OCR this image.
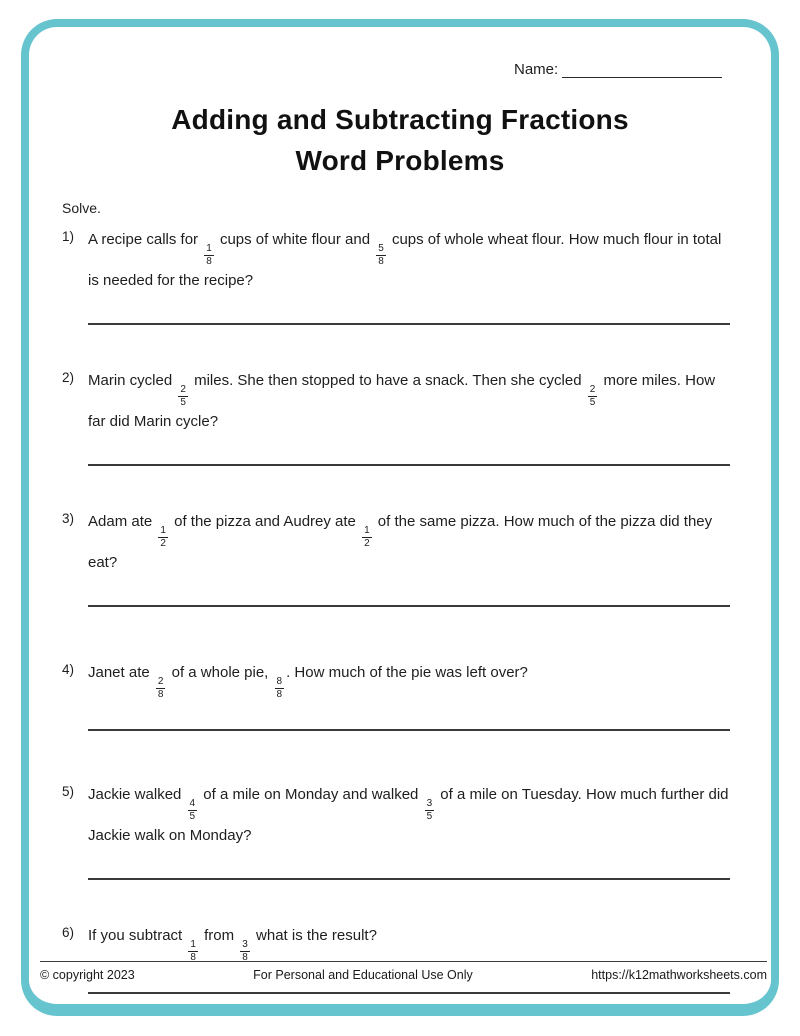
Name:
Adding and Subtracting Fractions
Word Problems
Solve.
1) A recipe calls for
$\frac{1}{8}$
cups of white flour and
$\frac{5}{8}$
cups of whole wheat flour. How much flour in total is needed for the recipe?
2) Marin cycled
$\frac{2}{5}$
miles. She then stopped to have a snack. Then she cycled
$\frac{2}{5}$
more miles. How far did Marin cycle?
3) Adam ate
$\frac{1}{2}$
of the pizza and Audrey ate
$\frac{1}{2}$
of the same pizza. How much of the pizza did they eat?
4) Janet ate
$\frac{2}{8}$
of a whole pie,
$\frac{8}{8}$
. How much of the pie was left over?
5) Jackie walked
$\frac{4}{5}$
of a mile on Monday and walked
$\frac{3}{5}$
of a mile on Tuesday. How much further did Jackie walk on Monday?
6) If you subtract
$\frac{1}{8}$
from
$\frac{3}{8}$
what is the result?
© copyright 2023	For Personal and Educational Use Only	https://k12mathworksheets.com
